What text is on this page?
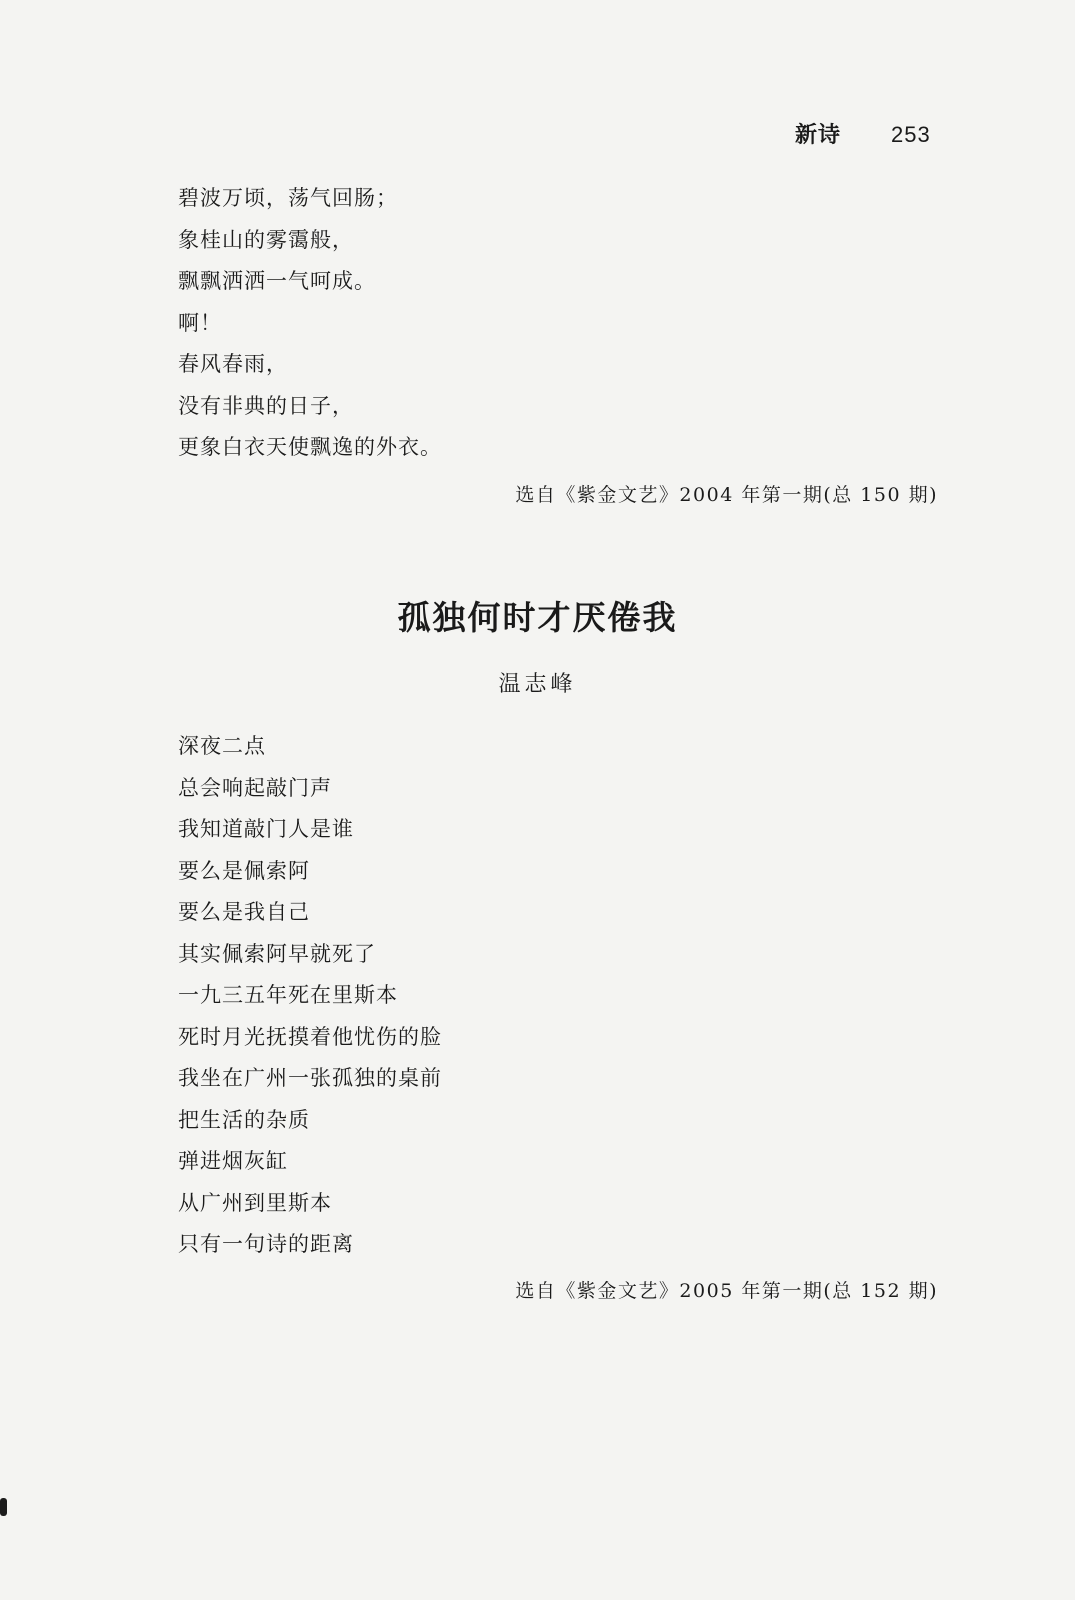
新诗 253
碧波万顷，荡气回肠；
象桂山的雾霭般，
飘飘洒洒一气呵成。
啊！
春风春雨，
没有非典的日子，
更象白衣天使飘逸的外衣。
选自《紫金文艺》2004 年第一期(总 150 期)
孤独何时才厌倦我
温志峰
深夜二点
总会响起敲门声
我知道敲门人是谁
要么是佩索阿
要么是我自己
其实佩索阿早就死了
一九三五年死在里斯本
死时月光抚摸着他忧伤的脸
我坐在广州一张孤独的桌前
把生活的杂质
弹进烟灰缸
从广州到里斯本
只有一句诗的距离
选自《紫金文艺》2005 年第一期(总 152 期)
